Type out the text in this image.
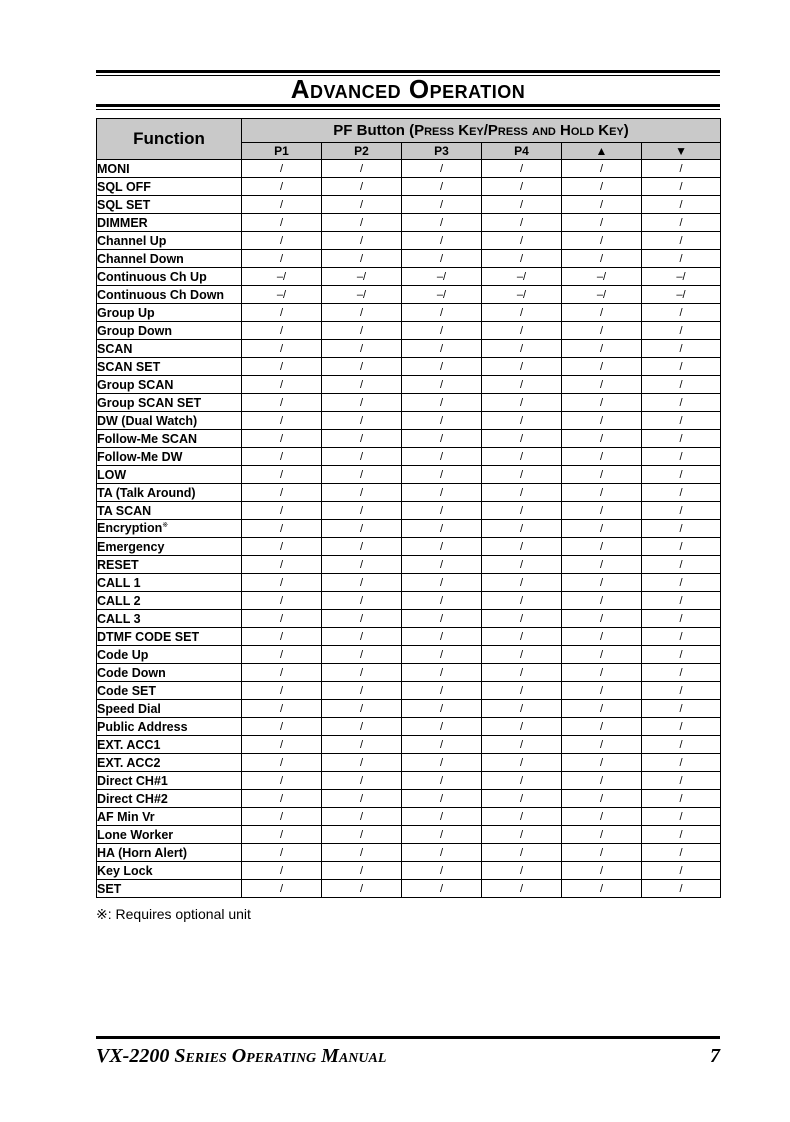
Advanced Operation
Function	PF Button (Press Key/Press and Hold Key)					
	P1	P2	P3	P4	▲	▼
MONI	/	/	/	/	/	/
SQL OFF	/	/	/	/	/	/
SQL SET	/	/	/	/	/	/
DIMMER	/	/	/	/	/	/
Channel Up	/	/	/	/	/	/
Channel Down	/	/	/	/	/	/
Continuous Ch Up	–/	–/	–/	–/	–/	–/
Continuous Ch Down	–/	–/	–/	–/	–/	–/
Group Up	/	/	/	/	/	/
Group Down	/	/	/	/	/	/
SCAN	/	/	/	/	/	/
SCAN SET	/	/	/	/	/	/
Group SCAN	/	/	/	/	/	/
Group SCAN SET	/	/	/	/	/	/
DW (Dual Watch)	/	/	/	/	/	/
Follow-Me SCAN	/	/	/	/	/	/
Follow-Me DW	/	/	/	/	/	/
LOW	/	/	/	/	/	/
TA (Talk Around)	/	/	/	/	/	/
TA SCAN	/	/	/	/	/	/
Encryption※	/	/	/	/	/	/
Emergency	/	/	/	/	/	/
RESET	/	/	/	/	/	/
CALL 1	/	/	/	/	/	/
CALL 2	/	/	/	/	/	/
CALL 3	/	/	/	/	/	/
DTMF CODE SET	/	/	/	/	/	/
Code Up	/	/	/	/	/	/
Code Down	/	/	/	/	/	/
Code SET	/	/	/	/	/	/
Speed Dial	/	/	/	/	/	/
Public Address	/	/	/	/	/	/
EXT. ACC1	/	/	/	/	/	/
EXT. ACC2	/	/	/	/	/	/
Direct CH#1	/	/	/	/	/	/
Direct CH#2	/	/	/	/	/	/
AF Min Vr	/	/	/	/	/	/
Lone Worker	/	/	/	/	/	/
HA (Horn Alert)	/	/	/	/	/	/
Key Lock	/	/	/	/	/	/
SET	/	/	/	/	/	/

※: Requires optional unit

VX-2200 Series Operating Manual	7
